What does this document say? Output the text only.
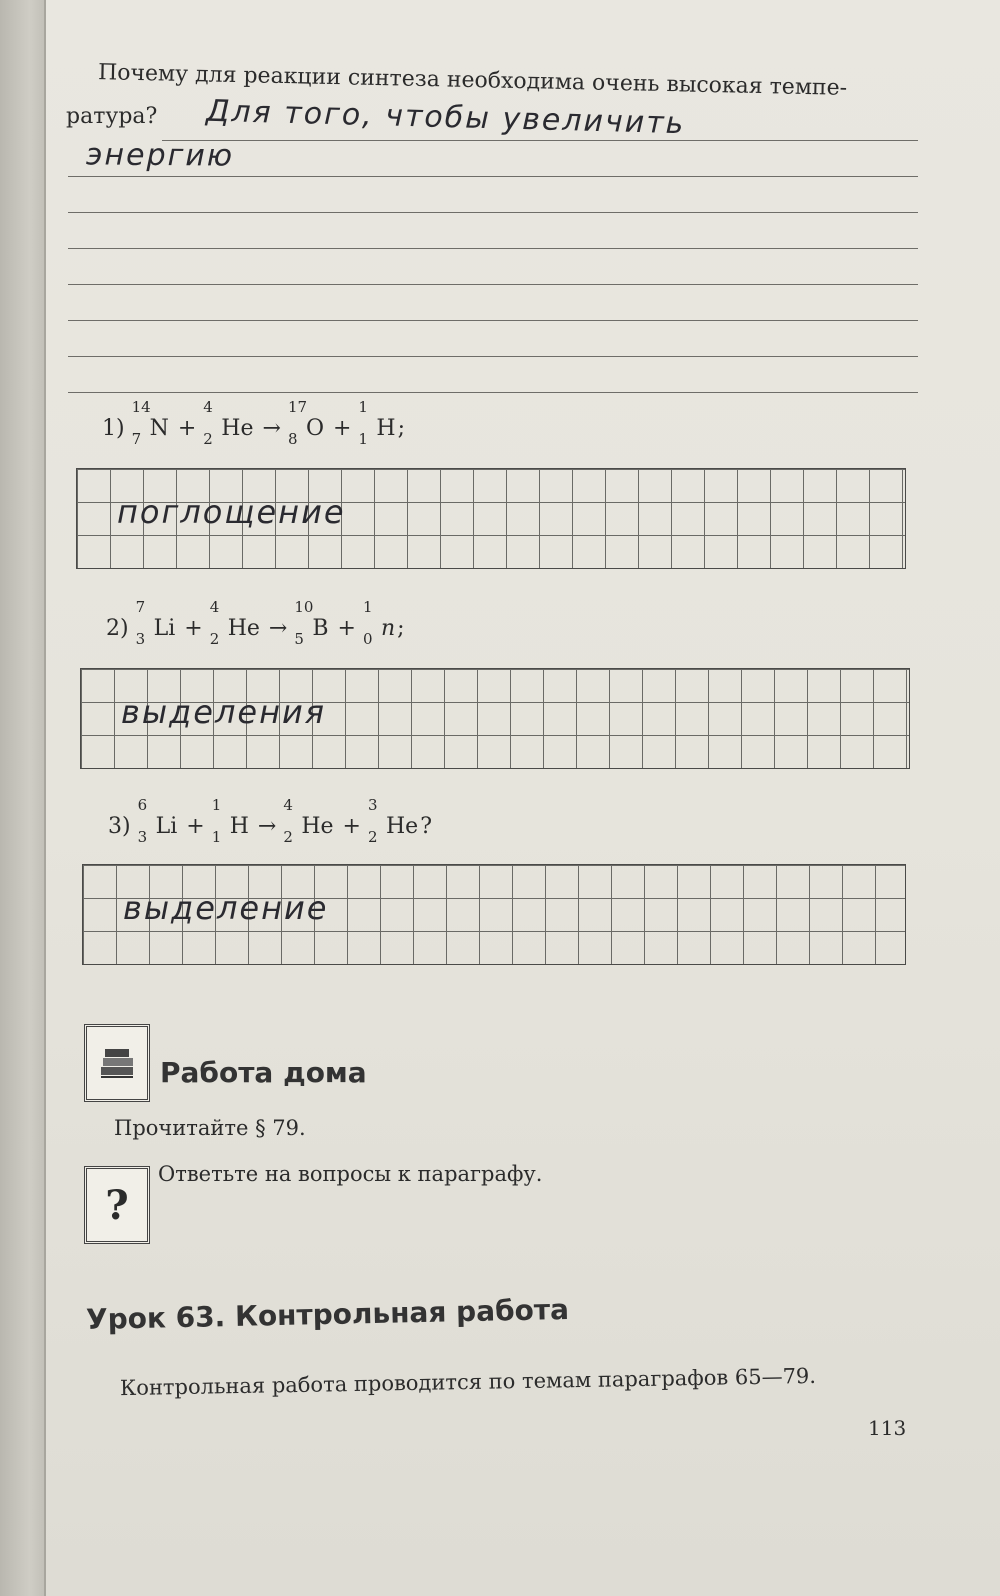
Почему для реакции синтеза необходима очень высокая темпе-
ратура? Для того, чтобы увеличить
энергию
1)
14
7 N +
4
2 He →
17
8 O +
1
1 H;
поглощение
2)
7
3 Li +
4
2 He →
10
5 B +
1
0 n;
выделения
3)
6
3 Li +
1
1 H →
4
2 He +
3
2 He?
выделение
Работа дома
Прочитайте § 79.
?
Ответьте на вопросы к параграфу.
Урок 63. Контрольная работа
Контрольная работа проводится по темам параграфов 65—79.
113
